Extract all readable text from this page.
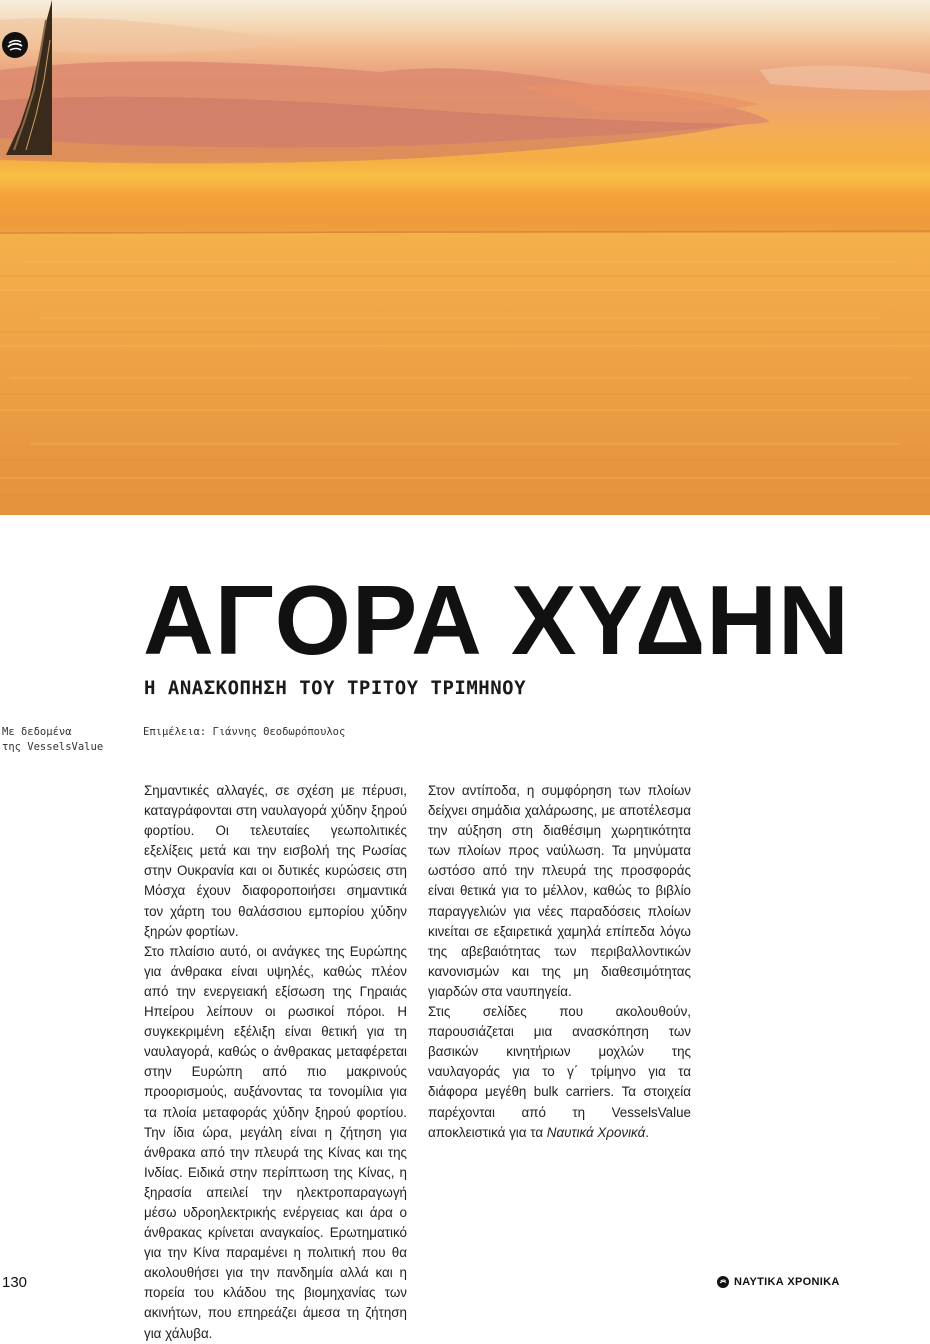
ΑΓΟΡΑ ΧΥΔΗΝ
Η ΑΝΑΣΚΟΠΗΣΗ ΤΟΥ ΤΡΙΤΟΥ ΤΡΙΜΗΝΟΥ
Με δεδομένα
της VesselsValue
Επιμέλεια: Γιάννης Θεοδωρόπουλος

Σημαντικές αλλαγές, σε σχέση με πέρυσι, καταγράφονται στη ναυλαγορά χύδην ξηρού φορτίου. Οι τελευταίες γεωπολιτικές εξελίξεις μετά και την εισβολή της Ρωσίας στην Ουκρανία και οι δυτικές κυρώσεις στη Μόσχα έχουν διαφοροποιήσει σημαντικά τον χάρτη του θαλάσσιου εμπορίου χύδην ξηρών φορτίων.

Στο πλαίσιο αυτό, οι ανάγκες της Ευρώπης για άνθρακα είναι υψηλές, καθώς πλέον από την ενεργειακή εξίσωση της Γηραιάς Ηπείρου λείπουν οι ρωσικοί πόροι. Η συγκεκριμένη εξέλιξη είναι θετική για τη ναυλαγορά, καθώς ο άνθρακας μεταφέρεται στην Ευρώπη από πιο μακρινούς προορισμούς, αυξάνοντας τα τονομίλια για τα πλοία μεταφοράς χύδην ξηρού φορτίου. Την ίδια ώρα, μεγάλη είναι η ζήτηση για άνθρακα από την πλευρά της Κίνας και της Ινδίας. Ειδικά στην περίπτωση της Κίνας, η ξηρασία απειλεί την ηλεκτροπαραγωγή μέσω υδροηλεκτρικής ενέργειας και άρα ο άνθρακας κρίνεται αναγκαίος. Ερωτηματικό για την Κίνα παραμένει η πολιτική που θα ακολουθήσει για την πανδημία αλλά και η πορεία του κλάδου της βιομηχανίας των ακινήτων, που επηρεάζει άμεσα τη ζήτηση για χάλυβα.

Στον αντίποδα, η συμφόρηση των πλοίων δείχνει σημάδια χαλάρωσης, με αποτέλεσμα την αύξηση στη διαθέσιμη χωρητικότητα των πλοίων προς ναύλωση. Τα μηνύματα ωστόσο από την πλευρά της προσφοράς είναι θετικά για το μέλλον, καθώς το βιβλίο παραγγελιών για νέες παραδόσεις πλοίων κινείται σε εξαιρετικά χαμηλά επίπεδα λόγω της αβεβαιότητας των περιβαλλοντικών κανονισμών και της μη διαθεσιμότητας γιαρδών στα ναυπηγεία.

Στις σελίδες που ακολουθούν, παρουσιάζεται μια ανασκόπηση των βασικών κινητήριων μοχλών της ναυλαγοράς για το γ΄ τρίμηνο για τα διάφορα μεγέθη bulk carriers. Τα στοιχεία παρέχονται από τη VesselsValue αποκλειστικά για τα Ναυτικά Χρονικά.

130	ΝΑΥΤΙΚΑ ΧΡΟΝΙΚΑ
